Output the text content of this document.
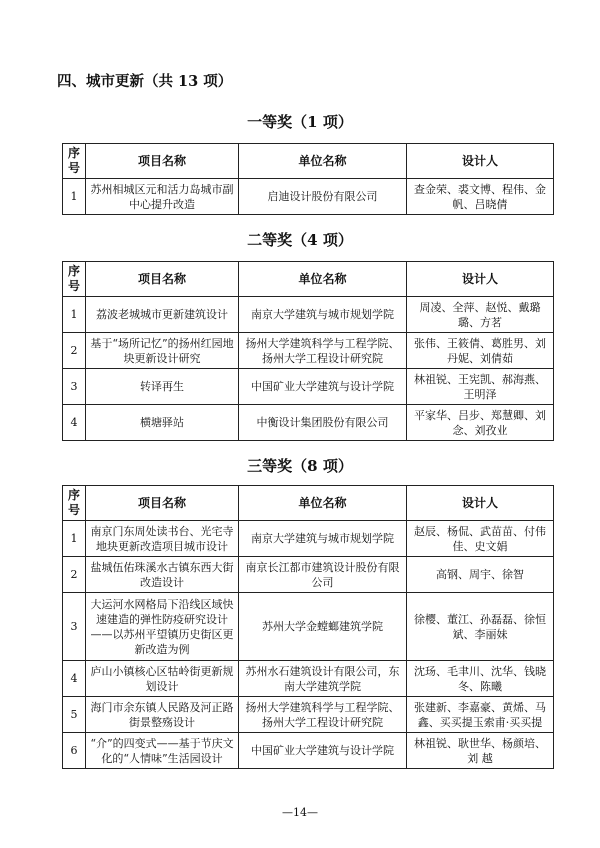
四、城市更新（共 13 项）
一等奖（1 项）
序号	项目名称	单位名称	设计人
1	苏州相城区元和活力岛城市副中心提升改造	启迪设计股份有限公司	查金荣、裘文博、程伟、金帆、吕晓倩
二等奖（4 项）
序号	项目名称	单位名称	设计人
1	荔波老城城市更新建筑设计	南京大学建筑与城市规划学院	周凌、全萍、赵悦、戴璐璐、方茗
2	基于“场所记忆”的扬州红园地块更新设计研究	扬州大学建筑科学与工程学院、扬州大学工程设计研究院	张伟、王筱倩、葛胜男、刘丹妮、刘倩茹
3	转译再生	中国矿业大学建筑与设计学院	林祖锐、王宪凯、郝海燕、王明泽
4	横塘驿站	中衡设计集团股份有限公司	平家华、吕步、郑慧卿、刘念、刘孜业
三等奖（8 项）
序号	项目名称	单位名称	设计人
1	南京门东周处读书台、光宅寺地块更新改造项目城市设计	南京大学建筑与城市规划学院	赵辰、杨侃、武苗苗、付伟佳、史文娟
2	盐城伍佑珠溪水古镇东西大街改造设计	南京长江都市建筑设计股份有限公司	高钢、周宇、徐智
3	大运河水网格局下沿线区域快速建造的弹性防疫研究设计——以苏州平望镇历史街区更新改造为例	苏州大学金螳螂建筑学院	徐樱、董江、孙磊磊、徐恒斌、李丽妹
4	庐山小镇核心区牯岭街更新规划设计	苏州水石建筑设计有限公司，东南大学建筑学院	沈玚、毛聿川、沈华、钱晓冬、陈曦
5	海门市余东镇人民路及河正路街景整殇设计	扬州大学建筑科学与工程学院、扬州大学工程设计研究院	张建新、李嘉豪、黄烯、马鑫、买买提玉索甫·买买提
6	“介”的四变式——基于节庆文化的“人情味”生活园设计	中国矿业大学建筑与设计学院	林祖锐、耿世华、杨颜培、刘 越
—14—
